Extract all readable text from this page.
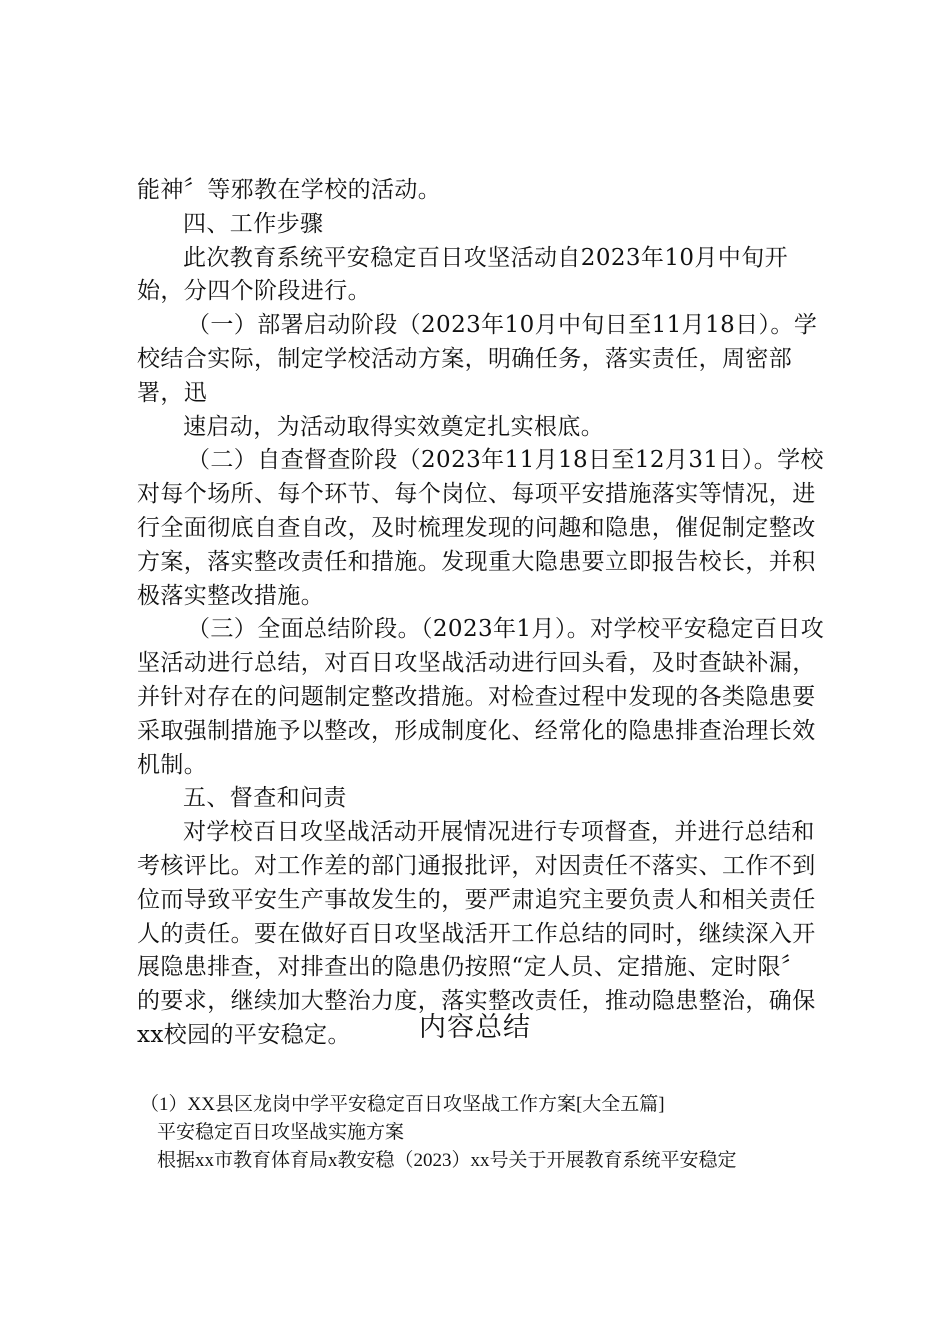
能神〞等邪教在学校的活动。

四、工作步骤

此次教育系统平安稳定百日攻坚活动自2023年10月中旬开始，分四个阶段进行。

（一）部署启动阶段（2023年10月中旬日至11月18日）。学校结合实际，制定学校活动方案，明确任务，落实责任，周密部署，迅

速启动，为活动取得实效奠定扎实根底。

（二）自查督查阶段（2023年11月18日至12月31日）。学校对每个场所、每个环节、每个岗位、每项平安措施落实等情况，进行全面彻底自查自改，及时梳理发现的问趣和隐患，催促制定整改方案，落实整改责任和措施。发现重大隐患要立即报告校长，并积极落实整改措施。

（三）全面总结阶段。（2023年1月）。对学校平安稳定百日攻坚活动进行总结，对百日攻坚战活动进行回头看，及时查缺补漏，并针对存在的问题制定整改措施。对检查过程中发现的各类隐患要采取强制措施予以整改，形成制度化、经常化的隐患排查治理长效机制。

五、督查和问责

对学校百日攻坚战活动开展情况进行专项督查，并进行总结和考核评比。对工作差的部门通报批评，对因责任不落实、工作不到位而导致平安生产事故发生的，要严肃追究主要负责人和相关责任人的责任。要在做好百日攻坚战活开工作总结的同时，继续深入开展隐患排查，对排查出的隐患仍按照“定人员、定措施、定时限〞的要求，继续加大整治力度，落实整改责任，推动隐患整治，确保xx校园的平安稳定。	内容总结

（1）XX县区龙岗中学平安稳定百日攻坚战工作方案[大全五篇]

平安稳定百日攻坚战实施方案

根据xx市教育体育局x教安稳（2023）xx号关于开展教育系统平安稳定
